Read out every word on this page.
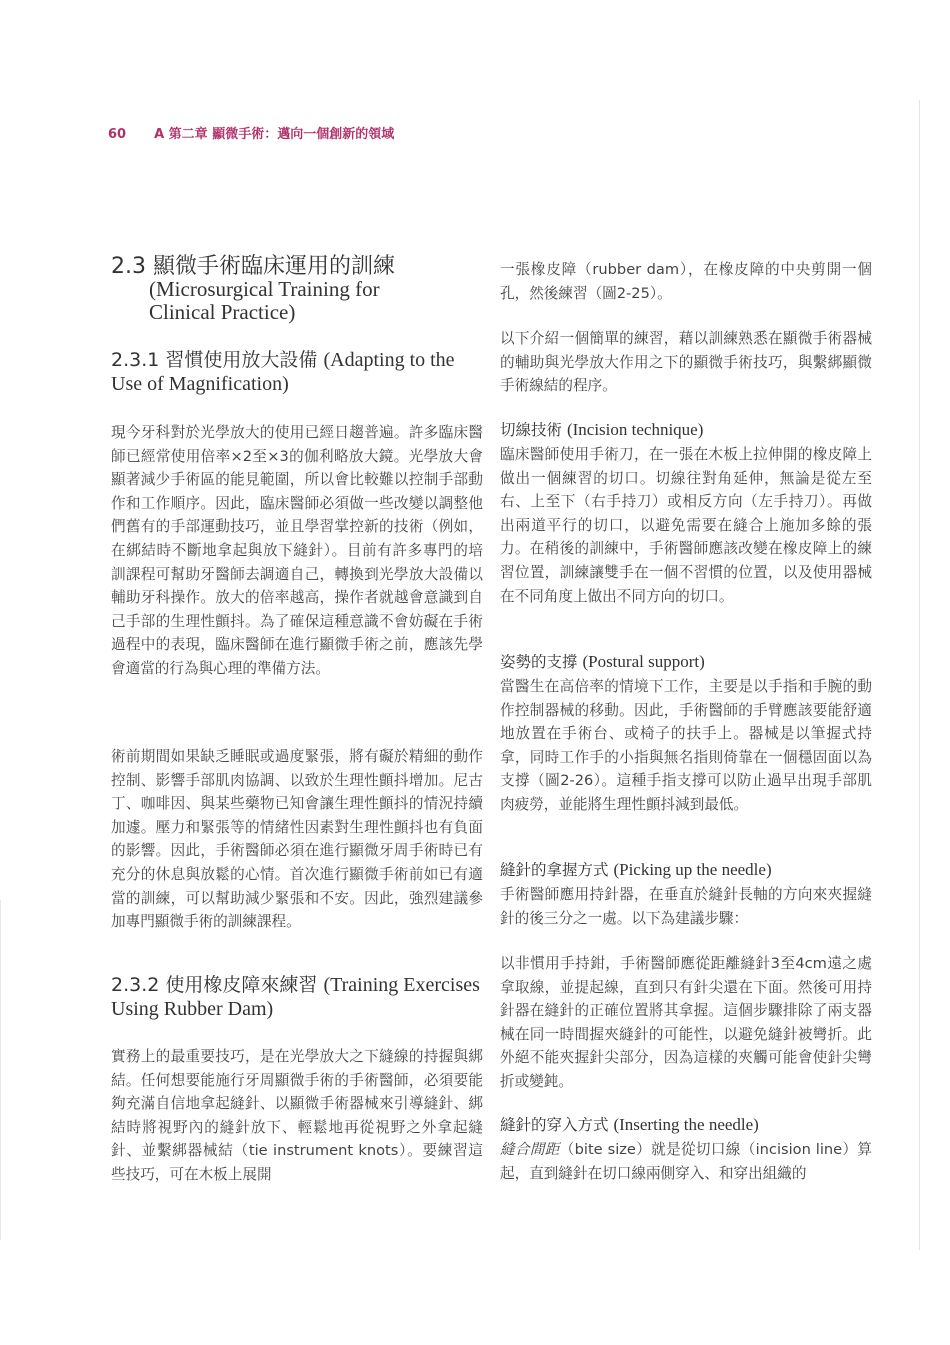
60 A 第二章 顯微手術：邁向一個創新的領域
2.3 顯微手術臨床運用的訓練
(Microsurgical Training for Clinical Practice)
2.3.1 習慣使用放大設備 (Adapting to the Use of Magnification)

現今牙科對於光學放大的使用已經日趨普遍。許多臨床醫師已經常使用倍率×2至×3的伽利略放大鏡。光學放大會顯著減少手術區的能見範圍，所以會比較難以控制手部動作和工作順序。因此，臨床醫師必須做一些改變以調整他們舊有的手部運動技巧，並且學習掌控新的技術（例如，在綁結時不斷地拿起與放下縫針）。目前有許多專門的培訓課程可幫助牙醫師去調適自己，轉換到光學放大設備以輔助牙科操作。放大的倍率越高，操作者就越會意識到自己手部的生理性顫抖。為了確保這種意識不會妨礙在手術過程中的表現，臨床醫師在進行顯微手術之前，應該先學會適當的行為與心理的準備方法。

術前期間如果缺乏睡眠或過度緊張，將有礙於精細的動作控制、影響手部肌肉協調、以致於生理性顫抖增加。尼古丁、咖啡因、與某些藥物已知會讓生理性顫抖的情況持續加遽。壓力和緊張等的情緒性因素對生理性顫抖也有負面的影響。因此，手術醫師必須在進行顯微牙周手術時已有充分的休息與放鬆的心情。首次進行顯微手術前如已有適當的訓練，可以幫助減少緊張和不安。因此，強烈建議參加專門顯微手術的訓練課程。

2.3.2 使用橡皮障來練習 (Training Exercises Using Rubber Dam)

實務上的最重要技巧，是在光學放大之下縫線的持握與綁結。任何想要能施行牙周顯微手術的手術醫師，必須要能夠充滿自信地拿起縫針、以顯微手術器械來引導縫針、綁結時將視野內的縫針放下、輕鬆地再從視野之外拿起縫針、並繫綁器械結（tie instrument knots）。要練習這些技巧，可在木板上展開

一張橡皮障（rubber dam），在橡皮障的中央剪開一個孔，然後練習（圖2-25）。

以下介紹一個簡單的練習，藉以訓練熟悉在顯微手術器械的輔助與光學放大作用之下的顯微手術技巧，與繫綁顯微手術線結的程序。

切線技術 (Incision technique)

臨床醫師使用手術刀，在一張在木板上拉伸開的橡皮障上做出一個練習的切口。切線往對角延伸，無論是從左至右、上至下（右手持刀）或相反方向（左手持刀）。再做出兩道平行的切口，以避免需要在縫合上施加多餘的張力。在稍後的訓練中，手術醫師應該改變在橡皮障上的練習位置，訓練讓雙手在一個不習慣的位置，以及使用器械在不同角度上做出不同方向的切口。

姿勢的支撐 (Postural support)

當醫生在高倍率的情境下工作，主要是以手指和手腕的動作控制器械的移動。因此，手術醫師的手臂應該要能舒適地放置在手術台、或椅子的扶手上。器械是以筆握式持拿，同時工作手的小指與無名指則倚靠在一個穩固面以為支撐（圖2-26）。這種手指支撐可以防止過早出現手部肌肉疲勞，並能將生理性顫抖減到最低。

縫針的拿握方式 (Picking up the needle)

手術醫師應用持針器，在垂直於縫針長軸的方向來夾握縫針的後三分之一處。以下為建議步驟：

以非慣用手持鉗，手術醫師應從距離縫針3至4cm遠之處拿取線，並提起線，直到只有針尖還在下面。然後可用持針器在縫針的正確位置將其拿握。這個步驟排除了兩支器械在同一時間握夾縫針的可能性，以避免縫針被彎折。此外絕不能夾握針尖部分，因為這樣的夾觸可能會使針尖彎折或變鈍。

縫針的穿入方式 (Inserting the needle)

縫合間距（bite size）就是從切口線（incision line）算起，直到縫針在切口線兩側穿入、和穿出組織的
